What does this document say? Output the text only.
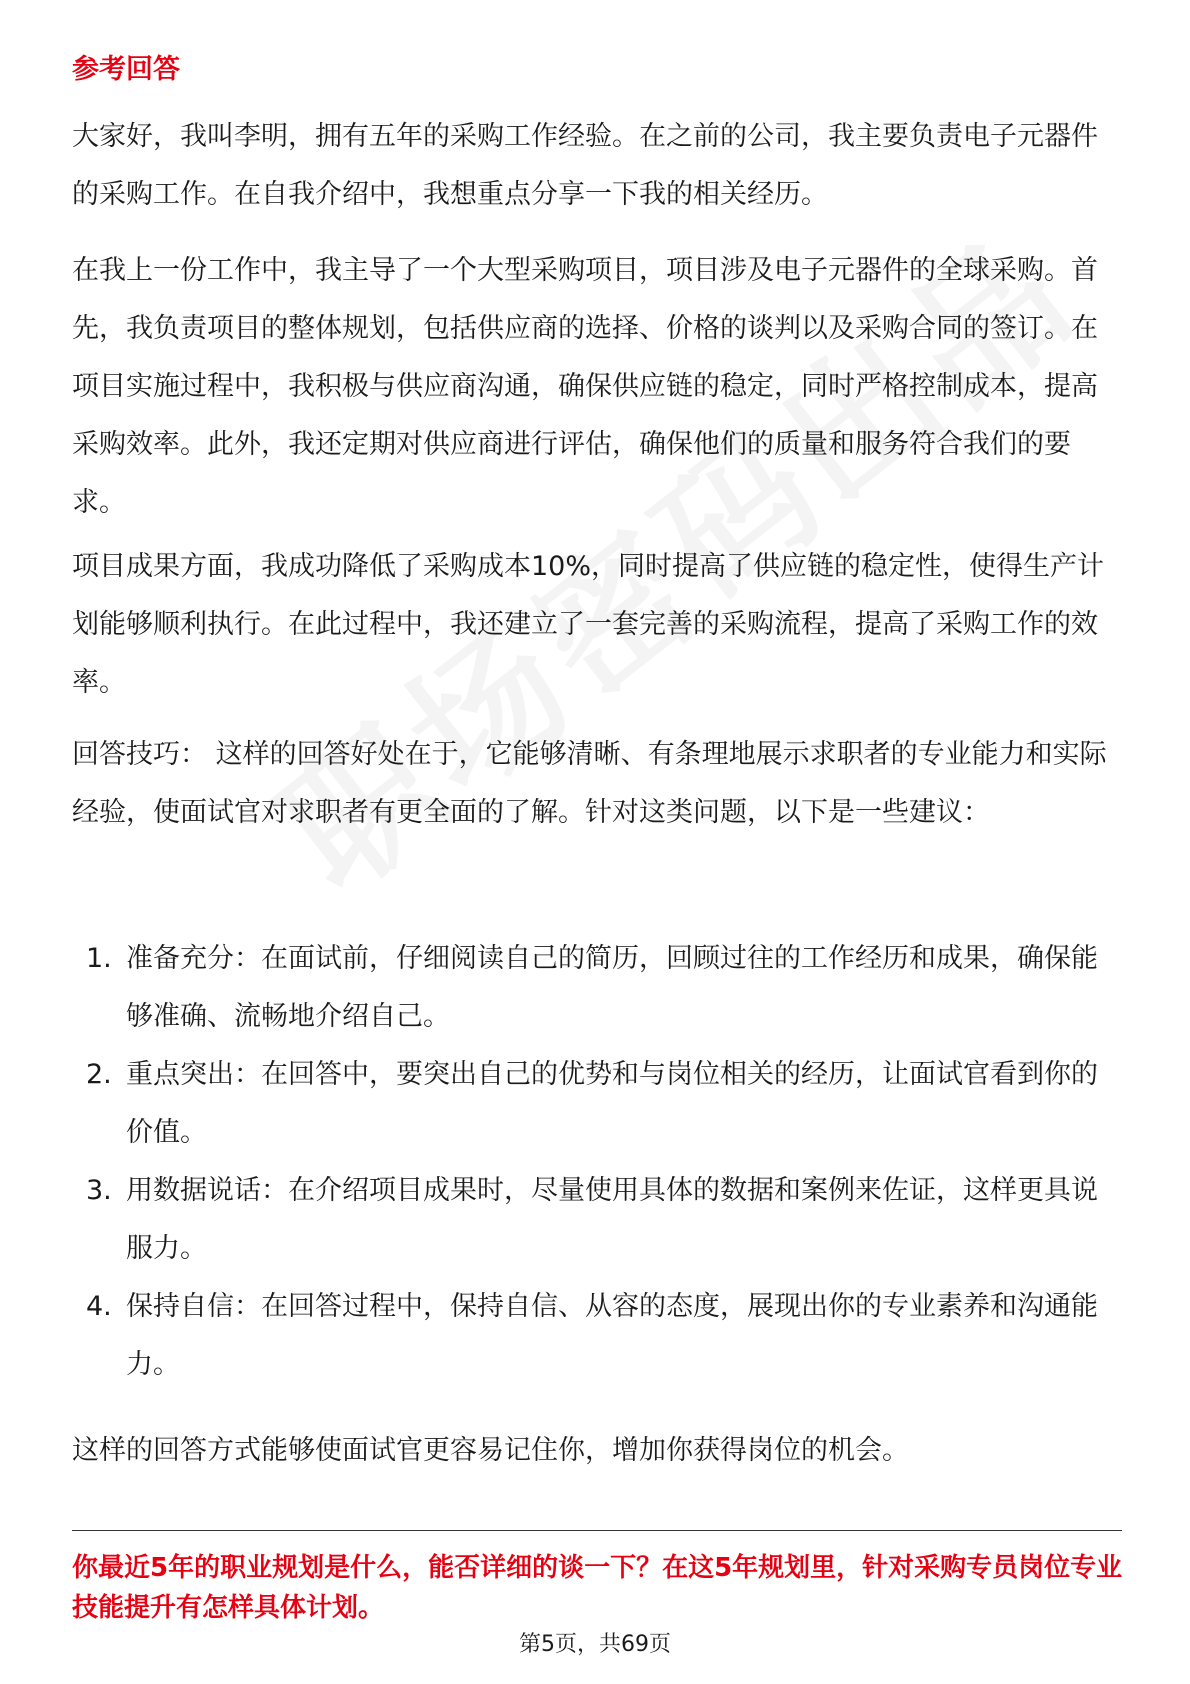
参考回答

大家好，我叫李明，拥有五年的采购工作经验。在之前的公司，我主要负责电子元器件的采购工作。在自我介绍中，我想重点分享一下我的相关经历。

在我上一份工作中，我主导了一个大型采购项目，项目涉及电子元器件的全球采购。首先，我负责项目的整体规划，包括供应商的选择、价格的谈判以及采购合同的签订。在项目实施过程中，我积极与供应商沟通，确保供应链的稳定，同时严格控制成本，提高采购效率。此外，我还定期对供应商进行评估，确保他们的质量和服务符合我们的要求。

项目成果方面，我成功降低了采购成本10%，同时提高了供应链的稳定性，使得生产计划能够顺利执行。在此过程中，我还建立了一套完善的采购流程，提高了采购工作的效率。

回答技巧： 这样的回答好处在于，它能够清晰、有条理地展示求职者的专业能力和实际经验，使面试官对求职者有更全面的了解。针对这类问题，以下是一些建议：

1. 准备充分：在面试前，仔细阅读自己的简历，回顾过往的工作经历和成果，确保能够准确、流畅地介绍自己。
2. 重点突出：在回答中，要突出自己的优势和与岗位相关的经历，让面试官看到你的价值。
3. 用数据说话：在介绍项目成果时，尽量使用具体的数据和案例来佐证，这样更具说服力。
4. 保持自信：在回答过程中，保持自信、从容的态度，展现出你的专业素养和沟通能力。

这样的回答方式能够使面试官更容易记住你，增加你获得岗位的机会。

你最近5年的职业规划是什么，能否详细的谈一下？在这5年规划里，针对采购专员岗位专业技能提升有怎样具体计划。
第5页，共69页
